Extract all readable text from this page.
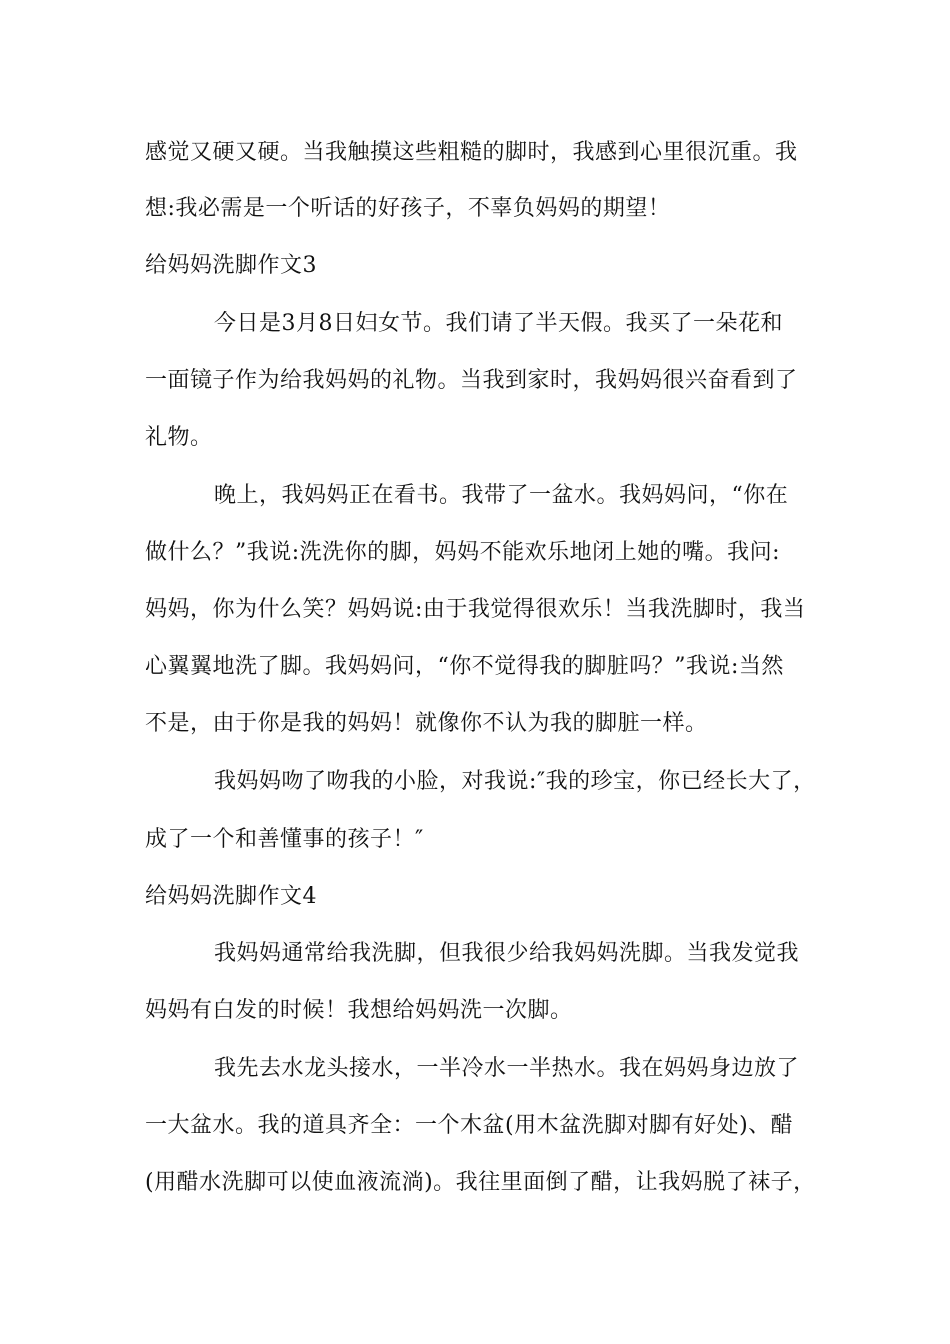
感觉又硬又硬。当我触摸这些粗糙的脚时，我感到心里很沉重。我
想:我必需是一个听话的好孩子，不辜负妈妈的期望！
给妈妈洗脚作文3
今日是3月8日妇女节。我们请了半天假。我买了一朵花和
一面镜子作为给我妈妈的礼物。当我到家时，我妈妈很兴奋看到了
礼物。
晚上，我妈妈正在看书。我带了一盆水。我妈妈问，“你在
做什么？”我说:洗洗你的脚，妈妈不能欢乐地闭上她的嘴。我问:
妈妈，你为什么笑？妈妈说:由于我觉得很欢乐！当我洗脚时，我当
心翼翼地洗了脚。我妈妈问，“你不觉得我的脚脏吗？”我说:当然
不是，由于你是我的妈妈！就像你不认为我的脚脏一样。
我妈妈吻了吻我的小脸，对我说:″我的珍宝，你已经长大了，
成了一个和善懂事的孩子！″
给妈妈洗脚作文4
我妈妈通常给我洗脚，但我很少给我妈妈洗脚。当我发觉我
妈妈有白发的时候！我想给妈妈洗一次脚。
我先去水龙头接水，一半冷水一半热水。我在妈妈身边放了
一大盆水。我的道具齐全：一个木盆(用木盆洗脚对脚有好处)、醋
(用醋水洗脚可以使血液流淌)。我往里面倒了醋，让我妈脱了袜子，
